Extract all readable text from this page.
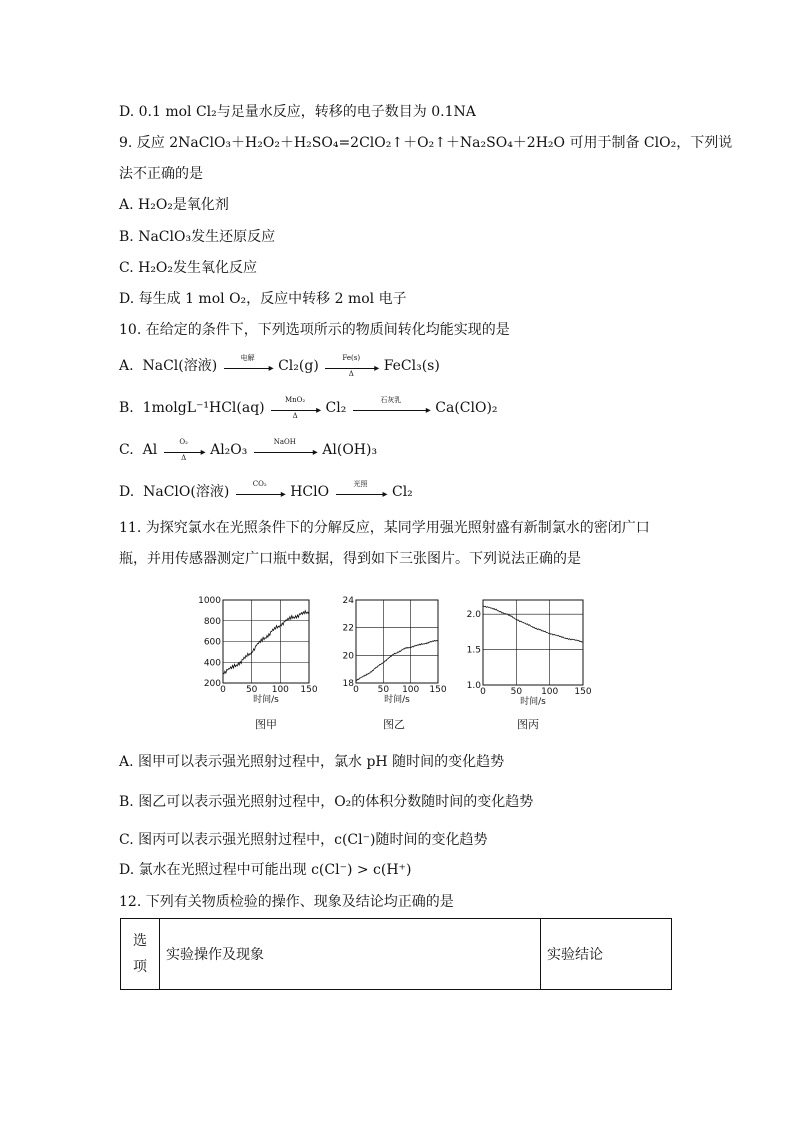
D. 0.1 mol Cl₂与足量水反应，转移的电子数目为 0.1NA
9. 反应 2NaClO₃＋H₂O₂＋H₂SO₄=2ClO₂↑＋O₂↑＋Na₂SO₄＋2H₂O 可用于制备 ClO₂，下列说
法不正确的是
A. H₂O₂是氧化剂
B. NaClO₃发生还原反应
C. H₂O₂发生氧化反应
D. 每生成 1 mol O₂，反应中转移 2 mol 电子
10. 在给定的条件下，下列选项所示的物质间转化均能实现的是
A. NaCl(溶液)	电解
▸ Cl₂(g)	Fe(s)
▸
Δ	FeCl₃(s)
B. 1molgL⁻¹HCl(aq)	MnO₂
▸
Δ	Cl₂	石灰乳
▸ Ca(ClO)₂
C. Al	O₂
▸
Δ	Al₂O₃	NaOH
▸ Al(OH)₃
D. NaClO(溶液)	CO₂
▸ HClO	光照
▸ Cl₂
11. 为探究氯水在光照条件下的分解反应，某同学用强光照射盛有新制氯水的密闭广口
瓶，并用传感器测定广口瓶中数据，得到如下三张图片。下列说法正确的是
0 50 100 150
200
400
600
800
1000
时间/s
0 50 100 150
18
20
22
24
时间/s
0	50 100 150
1.0
1.5
2.0
时间/s
图甲	图乙	图丙
A. 图甲可以表示强光照射过程中，氯水 pH 随时间的变化趋势
B. 图乙可以表示强光照射过程中，O₂的体积分数随时间的变化趋势
C. 图丙可以表示强光照射过程中，c(Cl⁻)随时间的变化趋势
D. 氯水在光照过程中可能出现 c(Cl⁻) > c(H⁺)
12. 下列有关物质检验的操作、现象及结论均正确的是
选
项	实验操作及现象	实验结论
